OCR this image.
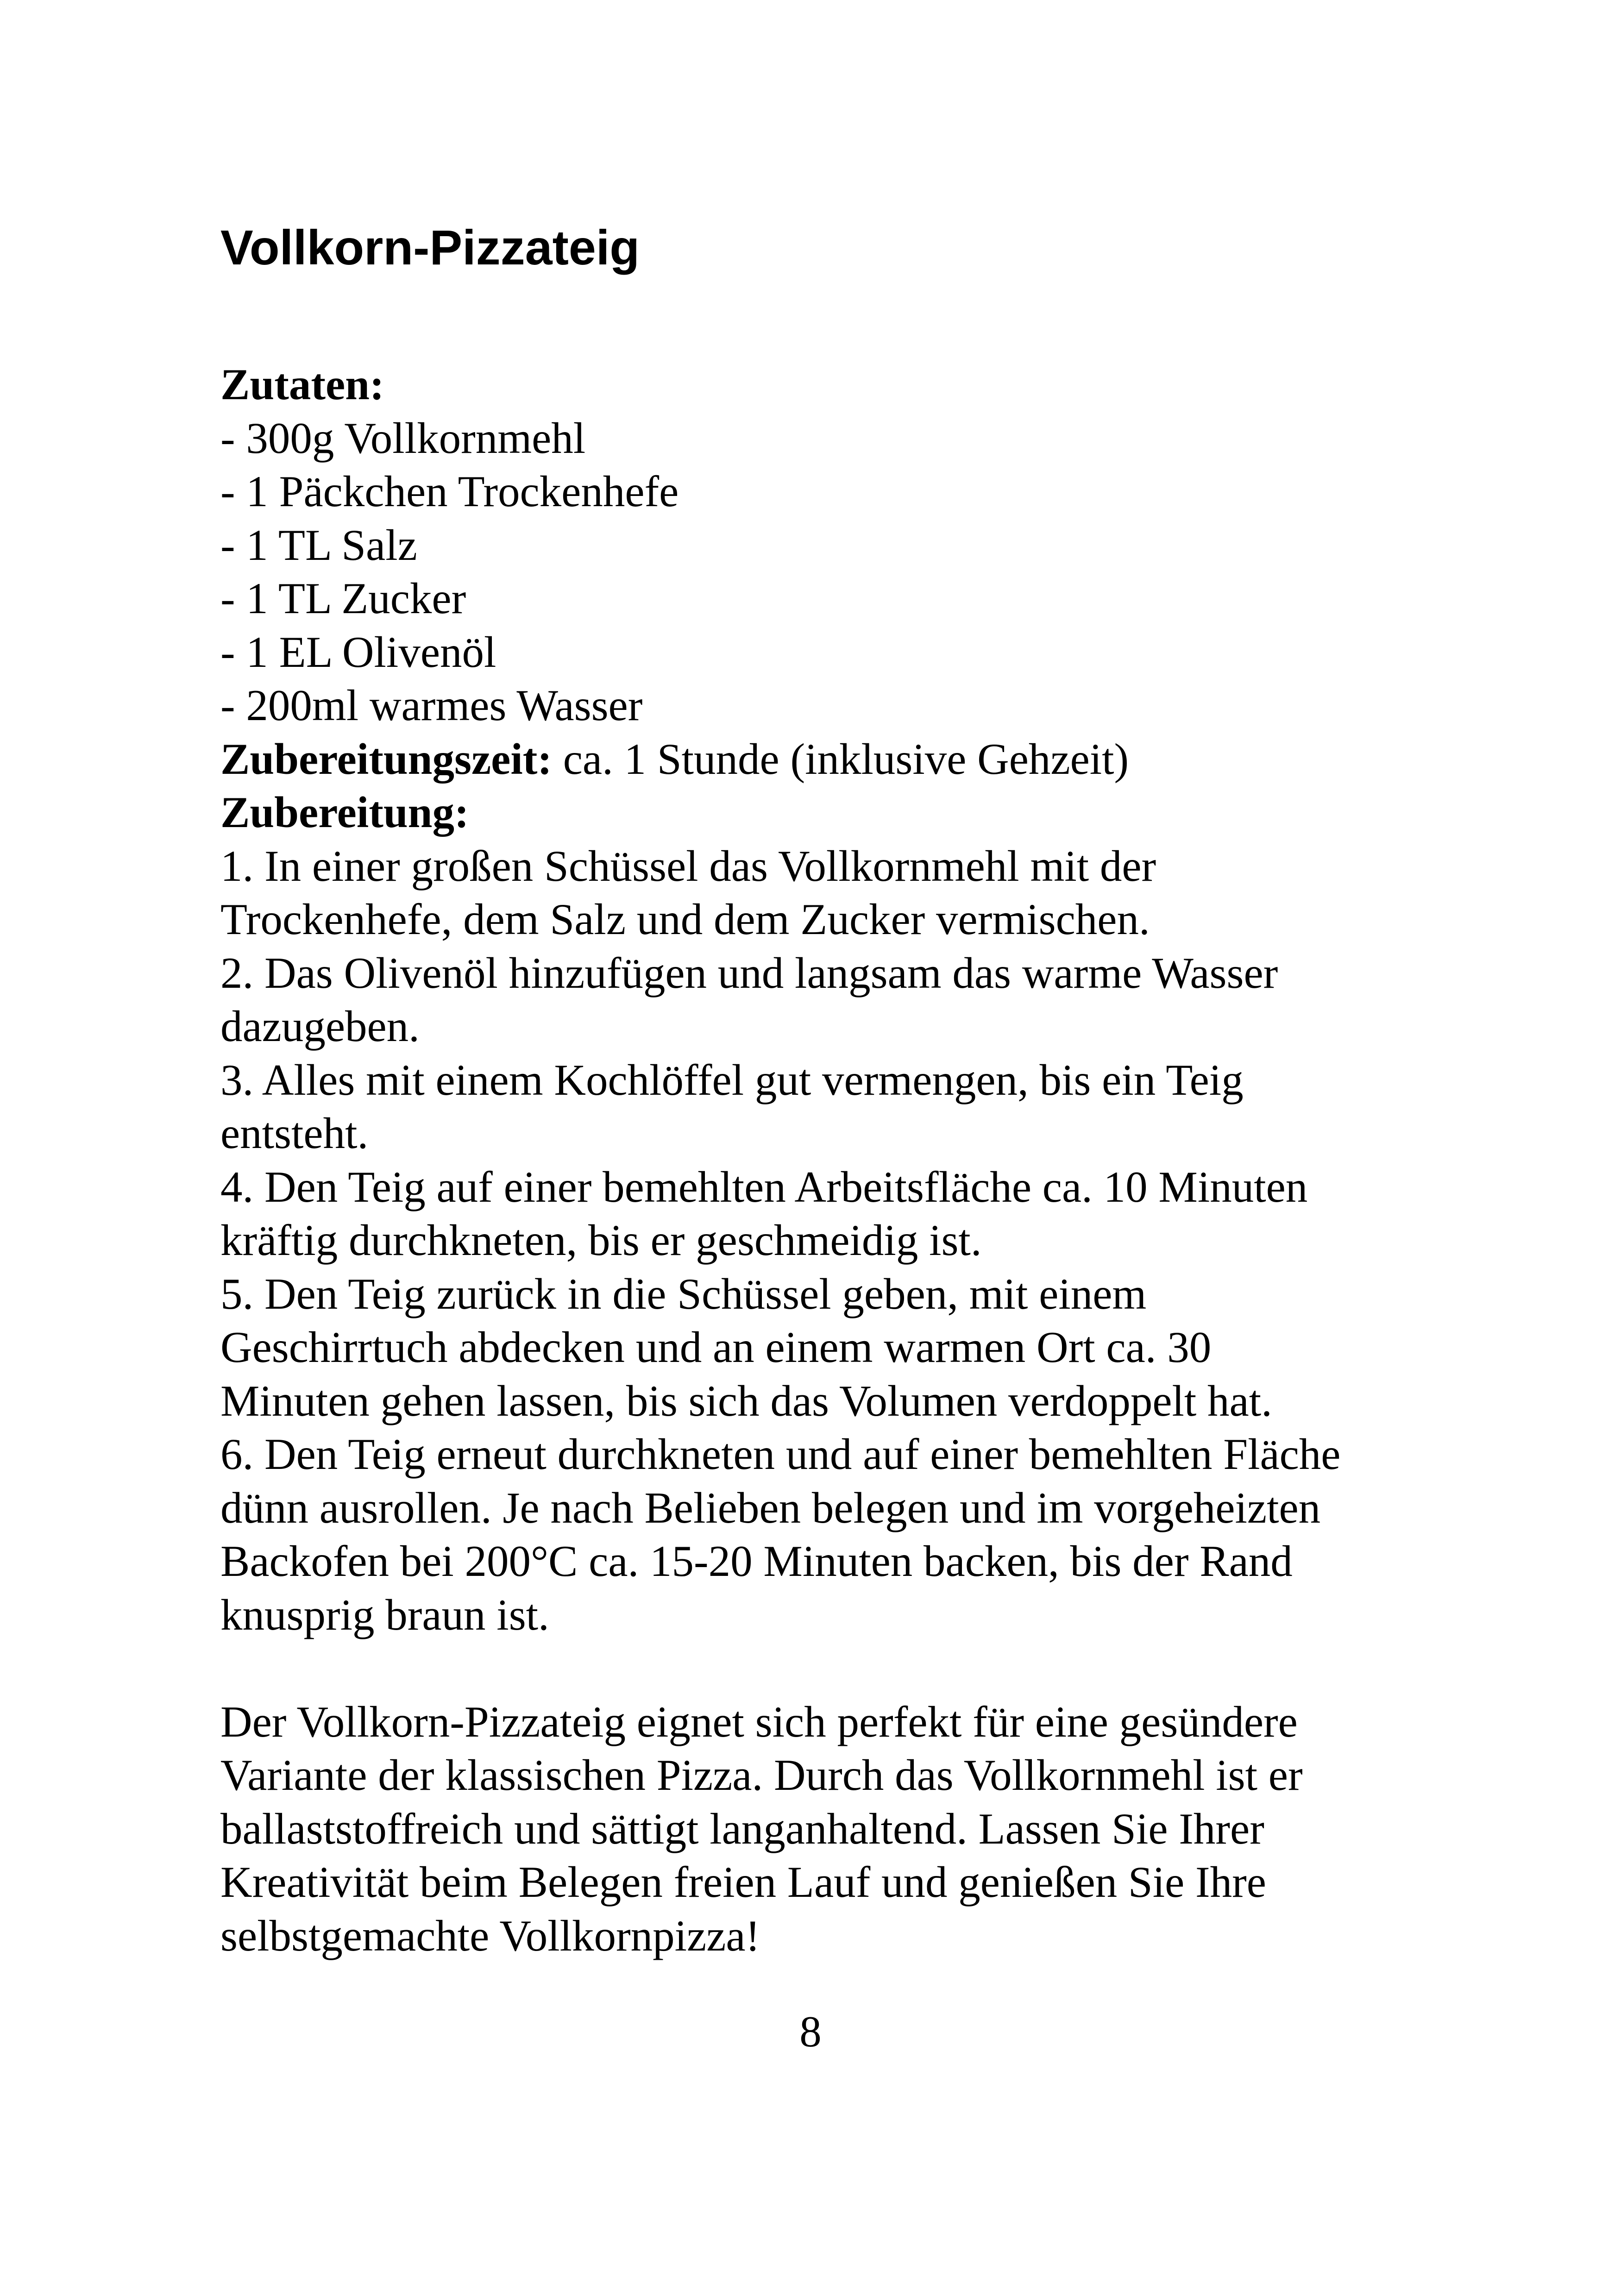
Vollkorn-Pizzateig
Zutaten:
- 300g Vollkornmehl
- 1 Päckchen Trockenhefe
- 1 TL Salz
- 1 TL Zucker
- 1 EL Olivenöl
- 200ml warmes Wasser
Zubereitungszeit: ca. 1 Stunde (inklusive Gehzeit)
Zubereitung:
1. In einer großen Schüssel das Vollkornmehl mit der
Trockenhefe, dem Salz und dem Zucker vermischen.
2. Das Olivenöl hinzufügen und langsam das warme Wasser
dazugeben.
3. Alles mit einem Kochlöffel gut vermengen, bis ein Teig
entsteht.
4. Den Teig auf einer bemehlten Arbeitsfläche ca. 10 Minuten
kräftig durchkneten, bis er geschmeidig ist.
5. Den Teig zurück in die Schüssel geben, mit einem
Geschirrtuch abdecken und an einem warmen Ort ca. 30
Minuten gehen lassen, bis sich das Volumen verdoppelt hat.
6. Den Teig erneut durchkneten und auf einer bemehlten Fläche
dünn ausrollen. Je nach Belieben belegen und im vorgeheizten
Backofen bei 200°C ca. 15-20 Minuten backen, bis der Rand
knusprig braun ist.
Der Vollkorn-Pizzateig eignet sich perfekt für eine gesündere
Variante der klassischen Pizza. Durch das Vollkornmehl ist er
ballaststoffreich und sättigt langanhaltend. Lassen Sie Ihrer
Kreativität beim Belegen freien Lauf und genießen Sie Ihre
selbstgemachte Vollkornpizza!
8
